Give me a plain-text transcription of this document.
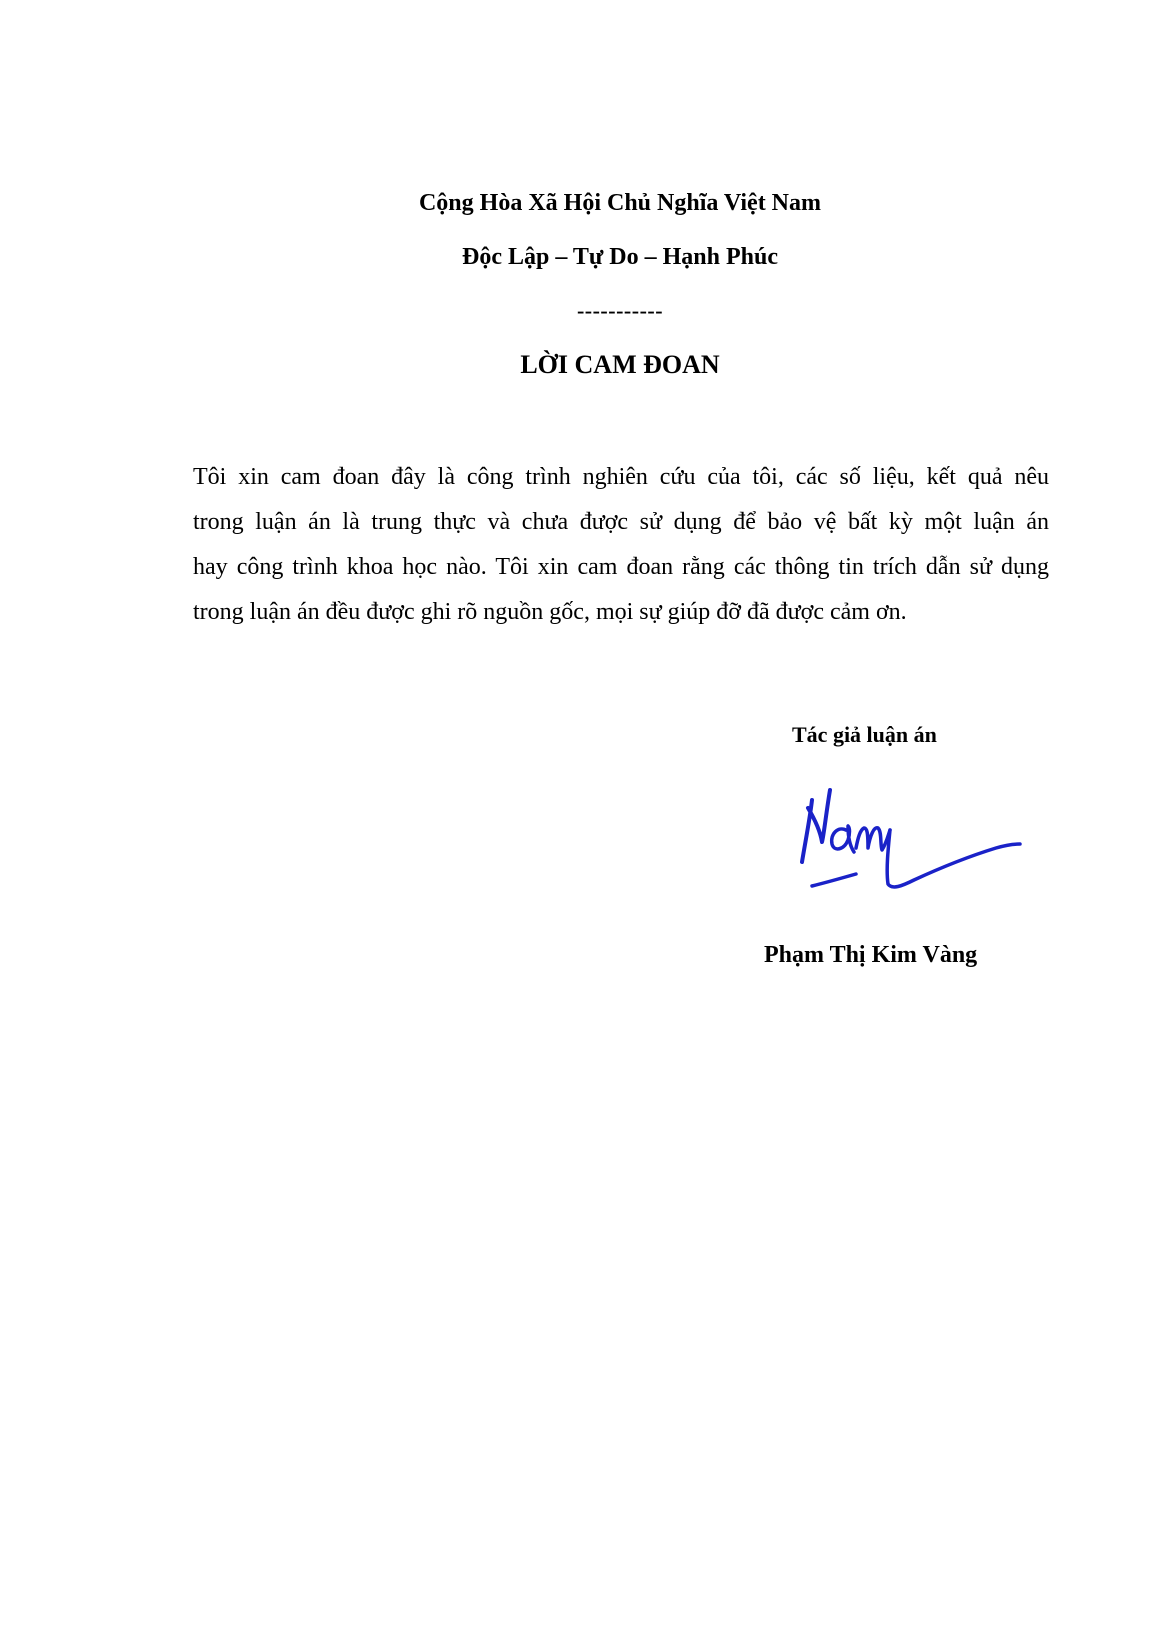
Cộng Hòa Xã Hội Chủ Nghĩa Việt Nam
Độc Lập – Tự Do – Hạnh Phúc
-----------
LỜI CAM ĐOAN
Tôi xin cam đoan đây là công trình nghiên cứu của tôi, các số liệu, kết quả nêu
trong luận án là trung thực và chưa được sử dụng để bảo vệ bất kỳ một luận án
hay công trình khoa học nào. Tôi xin cam đoan rằng các thông tin trích dẫn sử dụng
trong luận án đều được ghi rõ nguồn gốc, mọi sự giúp đỡ đã được cảm ơn.
Tác giả luận án
Phạm Thị Kim Vàng
